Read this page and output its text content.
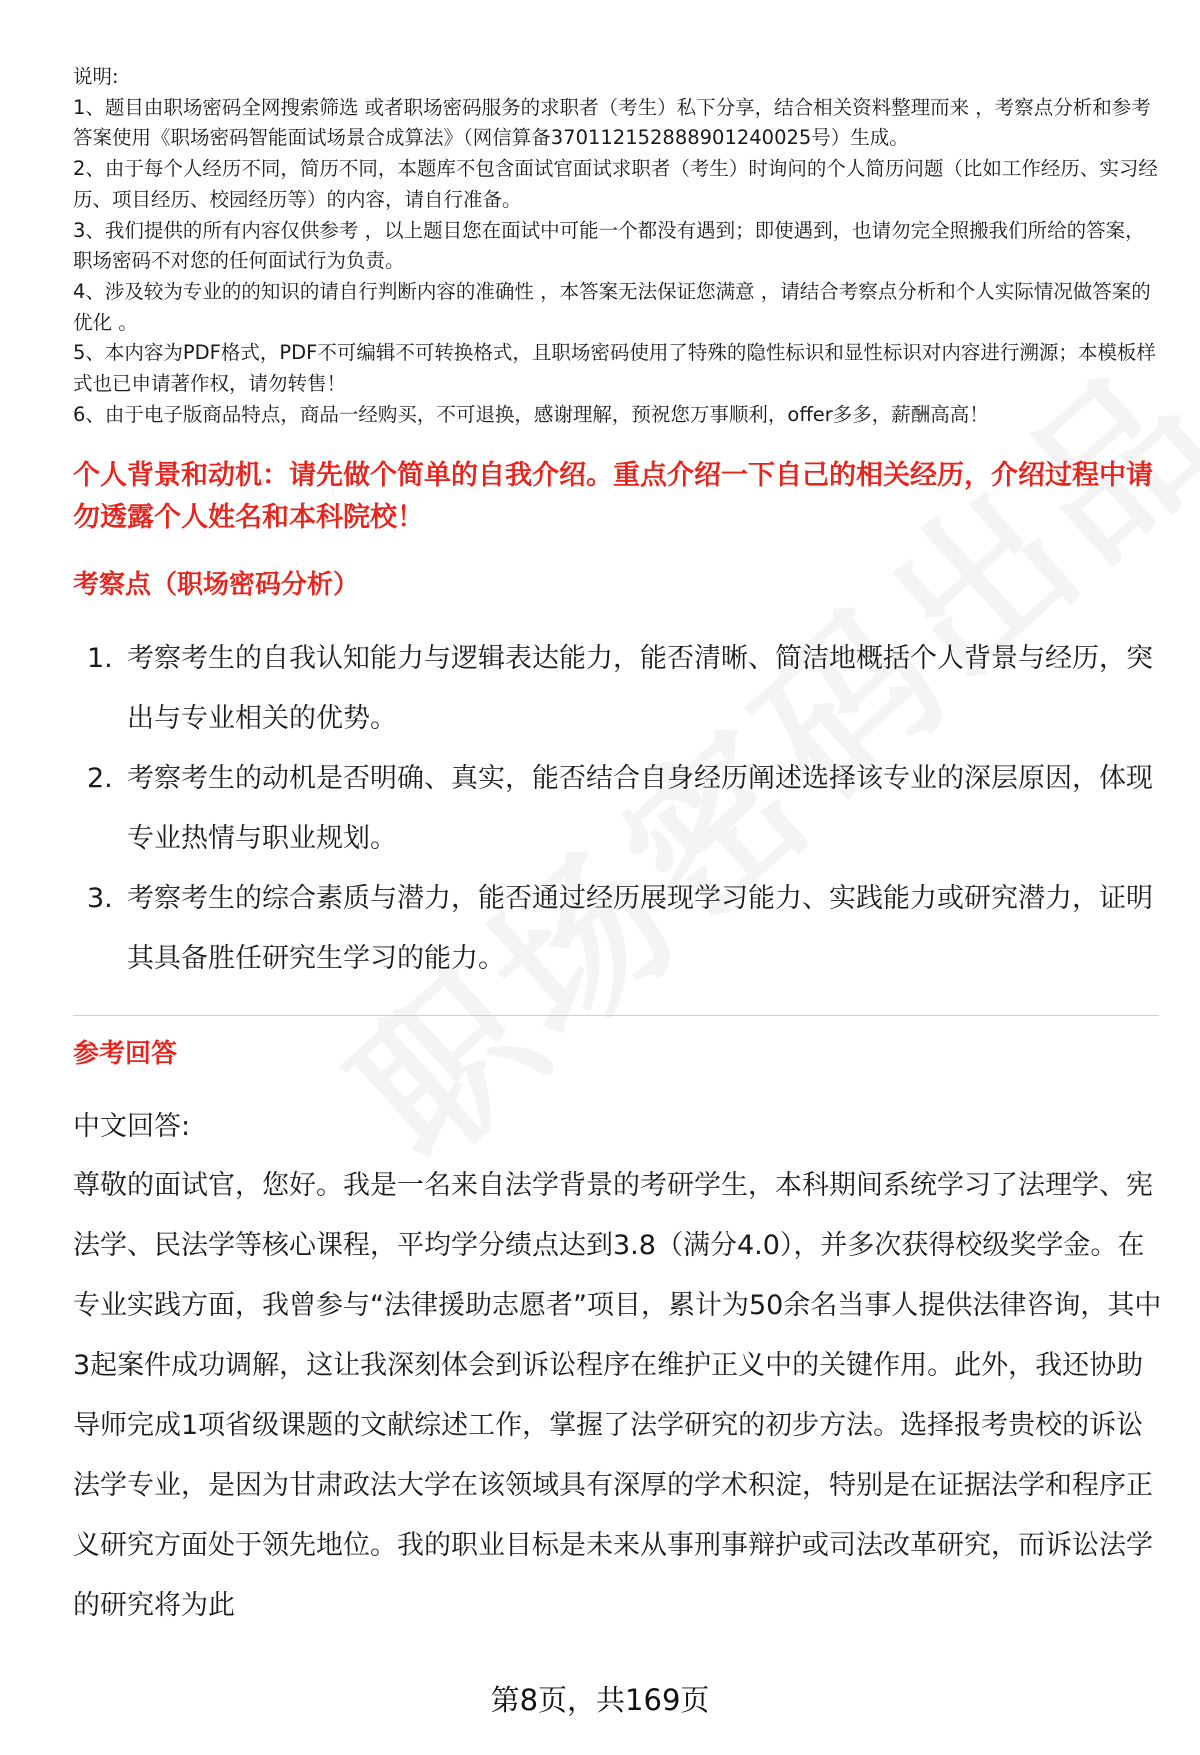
说明:
1、题目由职场密码全网搜索筛选 或者职场密码服务的求职者（考生）私下分享，结合相关资料整理而来 ，考察点分析和参考答案使用《职场密码智能面试场景合成算法》（网信算备370112152888901240025号）生成。
2、由于每个人经历不同，简历不同，本题库不包含面试官面试求职者（考生）时询问的个人简历问题（比如工作经历、实习经历、项目经历、校园经历等）的内容，请自行准备。
3、我们提供的所有内容仅供参考 ，以上题目您在面试中可能一个都没有遇到；即使遇到，也请勿完全照搬我们所给的答案，职场密码不对您的任何面试行为负责。
4、涉及较为专业的的知识的请自行判断内容的准确性 ，本答案无法保证您满意 ，请结合考察点分析和个人实际情况做答案的优化 。
5、本内容为PDF格式，PDF不可编辑不可转换格式，且职场密码使用了特殊的隐性标识和显性标识对内容进行溯源；本模板样式也已申请著作权，请勿转售！
6、由于电子版商品特点，商品一经购买，不可退换，感谢理解，预祝您万事顺利，offer多多，薪酬高高！
个人背景和动机：请先做个简单的自我介绍。重点介绍一下自己的相关经历，介绍过程中请勿透露个人姓名和本科院校！
考察点（职场密码分析）
1. 考察考生的自我认知能力与逻辑表达能力，能否清晰、简洁地概括个人背景与经历，突出与专业相关的优势。
2. 考察考生的动机是否明确、真实，能否结合自身经历阐述选择该专业的深层原因，体现专业热情与职业规划。
3. 考察考生的综合素质与潜力，能否通过经历展现学习能力、实践能力或研究潜力，证明其具备胜任研究生学习的能力。
参考回答
中文回答:
尊敬的面试官，您好。我是一名来自法学背景的考研学生，本科期间系统学习了法理学、宪法学、民法学等核心课程，平均学分绩点达到3.8（满分4.0），并多次获得校级奖学金。在专业实践方面，我曾参与“法律援助志愿者”项目，累计为50余名当事人提供法律咨询，其中3起案件成功调解，这让我深刻体会到诉讼程序在维护正义中的关键作用。此外，我还协助导师完成1项省级课题的文献综述工作，掌握了法学研究的初步方法。选择报考贵校的诉讼法学专业，是因为甘肃政法大学在该领域具有深厚的学术积淀，特别是在证据法学和程序正义研究方面处于领先地位。我的职业目标是未来从事刑事辩护或司法改革研究，而诉讼法学的研究将为此
第8页，共169页
